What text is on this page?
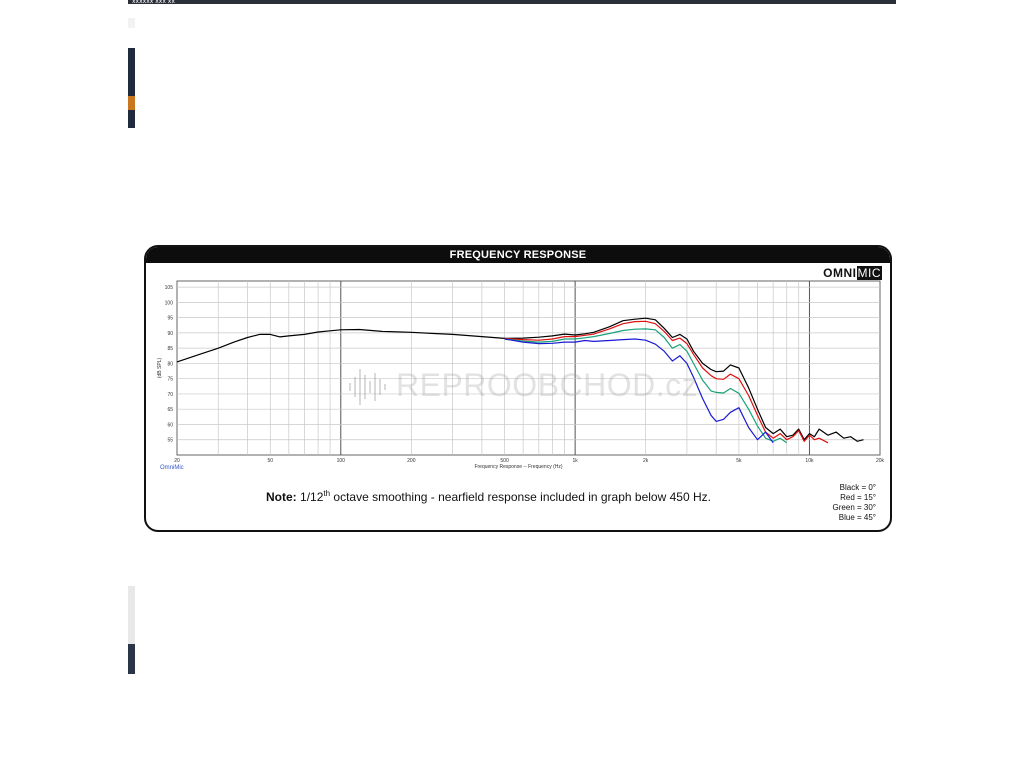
xxxxxx xxx xx
FREQUENCY RESPONSE
OMNIMIC
55
60
65
70
75
80
85
90
95
100
105
20	50	100	200	500	1k	2k	5k	10k	20k
Frequency Response -- Frequency (Hz)
(dB SPL)	REPROOBCHOD.cz
OmniMic
Note: 1/12th octave smoothing - nearfield response included in graph below 450 Hz.
Black = 0°
Red = 15°
Green = 30°
Blue = 45°
